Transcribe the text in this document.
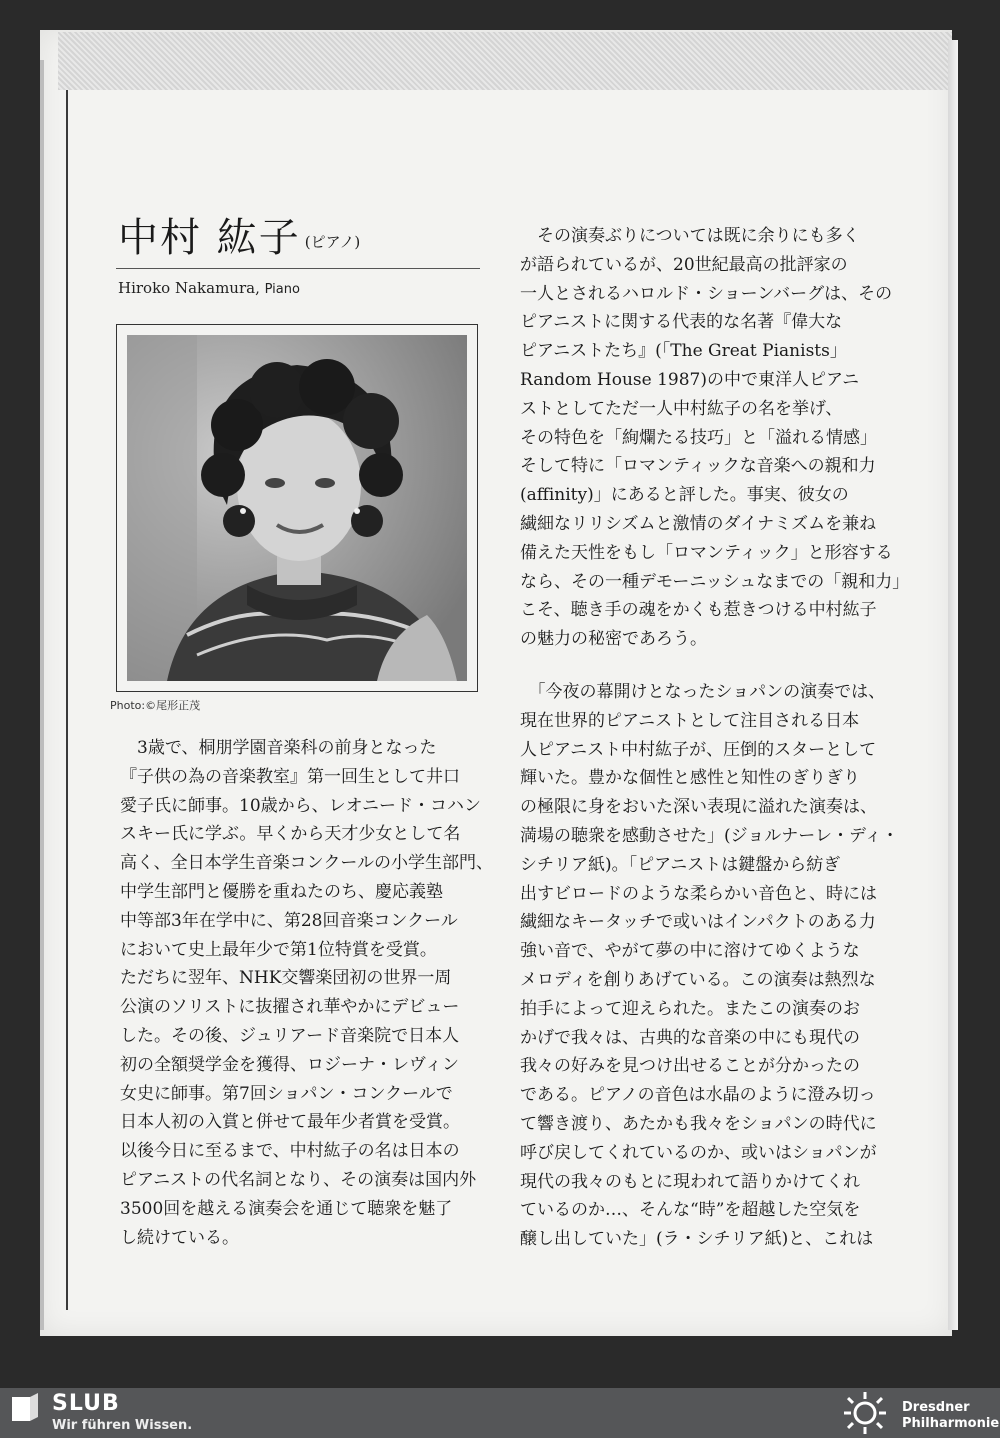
中村 紘子 (ピアノ)
Hiroko Nakamura, Piano
Photo:©尾形正茂

　3歳で、桐朋学園音楽科の前身となった

『子供の為の音楽教室』第一回生として井口

愛子氏に師事。10歳から、レオニード・コハン

スキー氏に学ぶ。早くから天才少女として名

高く、全日本学生音楽コンクールの小学生部門、

中学生部門と優勝を重ねたのち、慶応義塾

中等部3年在学中に、第28回音楽コンクール

において史上最年少で第1位特賞を受賞。

ただちに翌年、NHK交響楽団初の世界一周

公演のソリストに抜擢され華やかにデビュー

した。その後、ジュリアード音楽院で日本人

初の全額奨学金を獲得、ロジーナ・レヴィン

女史に師事。第7回ショパン・コンクールで

日本人初の入賞と併せて最年少者賞を受賞。

以後今日に至るまで、中村紘子の名は日本の

ピアニストの代名詞となり、その演奏は国内外

3500回を越える演奏会を通じて聴衆を魅了

し続けている。

　その演奏ぶりについては既に余りにも多く

が語られているが、20世紀最高の批評家の

一人とされるハロルド・ショーンバーグは、その

ピアニストに関する代表的な名著『偉大な

ピアニストたち』(「The Great Pianists」

Random House 1987)の中で東洋人ピアニ

ストとしてただ一人中村紘子の名を挙げ、

その特色を「絢爛たる技巧」と「溢れる情感」

そして特に「ロマンティックな音楽への親和力

(affinity)」にあると評した。事実、彼女の

繊細なリリシズムと激情のダイナミズムを兼ね

備えた天性をもし「ロマンティック」と形容する

なら、その一種デモーニッシュなまでの「親和力」

こそ、聴き手の魂をかくも惹きつける中村紘子

の魅力の秘密であろう。

　「今夜の幕開けとなったショパンの演奏では、

現在世界的ピアニストとして注目される日本

人ピアニスト中村紘子が、圧倒的スターとして

輝いた。豊かな個性と感性と知性のぎりぎり

の極限に身をおいた深い表現に溢れた演奏は、

満場の聴衆を感動させた」(ジョルナーレ・ディ・

シチリア紙)。「ピアニストは鍵盤から紡ぎ

出すビロードのような柔らかい音色と、時には

繊細なキータッチで或いはインパクトのある力

強い音で、やがて夢の中に溶けてゆくような

メロディを創りあげている。この演奏は熱烈な

拍手によって迎えられた。またこの演奏のお

かげで我々は、古典的な音楽の中にも現代の

我々の好みを見つけ出せることが分かったの

である。ピアノの音色は水晶のように澄み切っ

て響き渡り、あたかも我々をショパンの時代に

呼び戻してくれているのか、或いはショパンが

現代の我々のもとに現われて語りかけてくれ

ているのか…、そんな“時”を超越した空気を

醸し出していた」(ラ・シチリア紙)と、これは

SLUB
Wir führen Wissen.
Dresdner
Philharmonie
